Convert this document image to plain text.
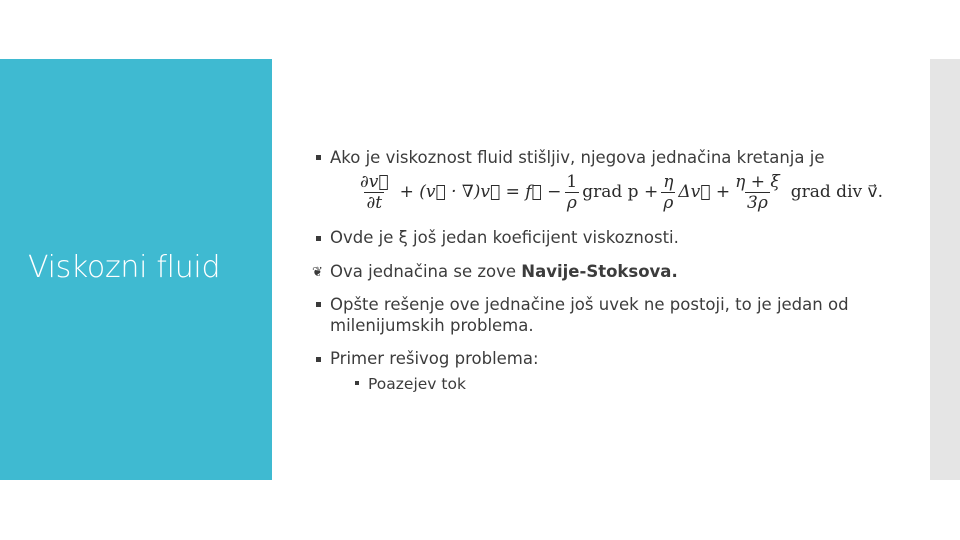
Viskozni fluid
Ako je viskoznost fluid stišljiv, njegova jednačina kretanja je
$\frac{\partial v⃗}{\partial t}$ + (v⃗ · ∇)v⃗ = f⃗ − $\frac{1}{\rho}$ grad $p + \frac{\eta}{\rho}$ Δv⃗ + $\frac{\eta + \xi}{3\rho}$ grad div v⃗.
Ovde je ξ još jedan koeficijent viskoznosti.
❦ Ova jednačina se zove Navije-Stoksova.
Opšte rešenje ove jednačine još uvek ne postoji, to je jedan od
milenijumskih problema.
Primer rešivog problema:
Poazejev tok
